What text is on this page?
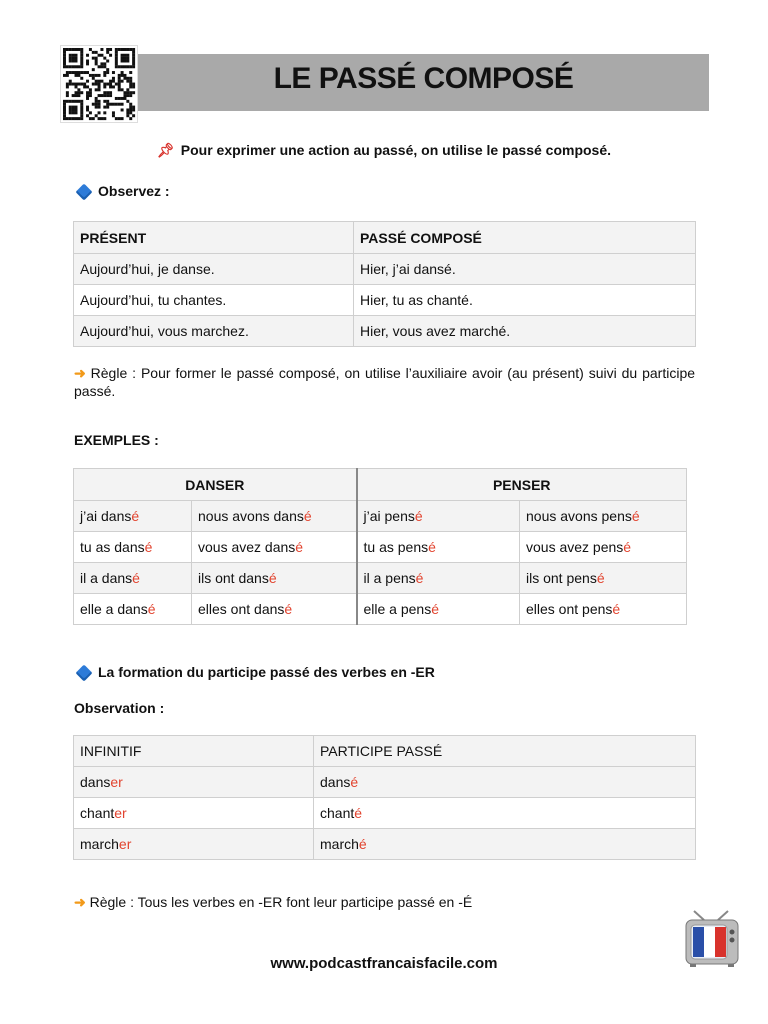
LE PASSÉ COMPOSÉ
📌︎ Pour exprimer une action au passé, on utilise le passé composé.
Observez :
PRÉSENT	PASSÉ COMPOSÉ
Aujourd’hui, je danse.	Hier, j’ai dansé.
Aujourd’hui, tu chantes.	Hier, tu as chanté.
Aujourd’hui, vous marchez.	Hier, vous avez marché.
➜ Règle : Pour former le passé composé, on utilise l’auxiliaire avoir (au présent) suivi du participe passé.
EXEMPLES :
DANSER		PENSER	
j’ai dansé	nous avons dansé	j’ai pensé	nous avons pensé
tu as dansé	vous avez dansé	tu as pensé	vous avez pensé
il a dansé	ils ont dansé	il a pensé	ils ont pensé
elle a dansé	elles ont dansé	elle a pensé	elles ont pensé
La formation du participe passé des verbes en -ER
Observation :
INFINITIF	PARTICIPE PASSÉ
danser	dansé
chanter	chanté
marcher	marché
➜ Règle : Tous les verbes en -ER font leur participe passé en -É
www.podcastfrancaisfacile.com
